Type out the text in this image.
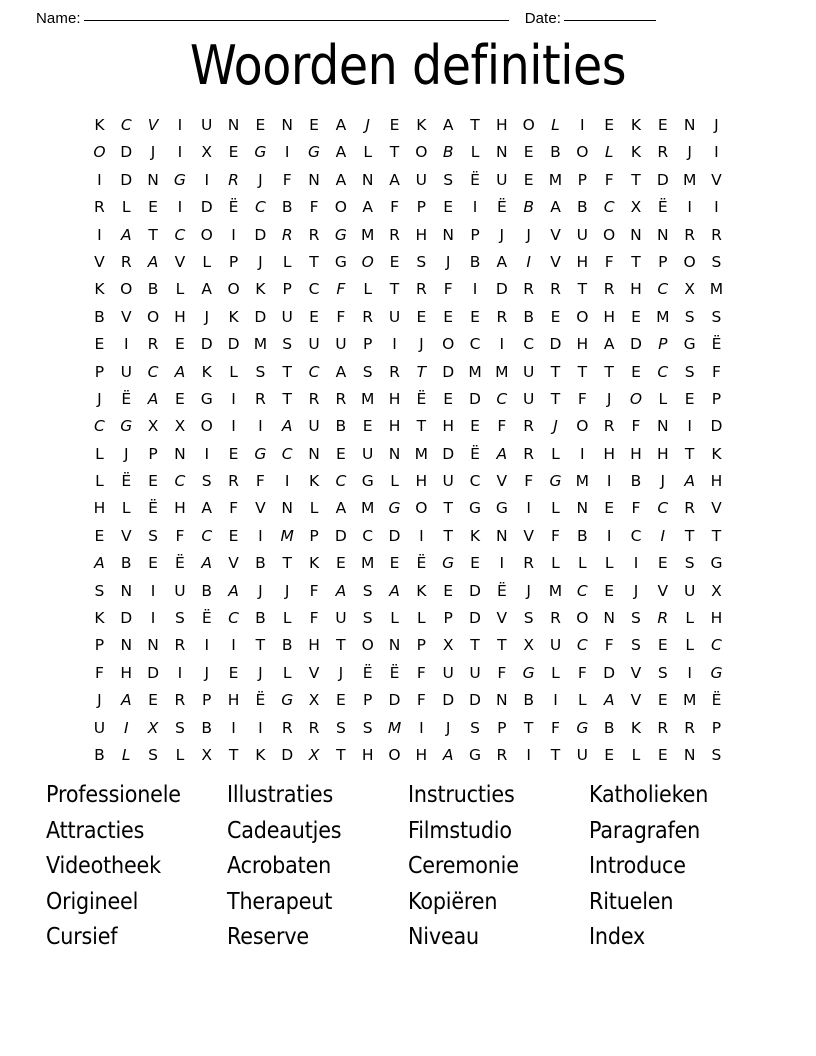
Name:	Date:
Woorden definities
K	C	V	I	U N	E	N	E	A	J	E	K	A	T	H O	L	I	E	K	E	N	J
O D	J	I	X	E	G	I	G	A	L	T	O B	L	N	E	B O	L	K	R	J	I
I	D N G	I	R	J	F	N	A	N	A	U	S	Ë	U	E M P	F	T	D M V
R	L	E	I	D	Ë	C	B	F	O A	F	P	E	I	Ë	B	A	B	C	X	Ë	I	I
I	A	T	C O	I	D R	R G M R	H N	P	J	J	V	U O N N	R	R
V	R	A	V	L	P	J	L	T	G O	E	S	J	B	A	I	V	H	F	T	P	O	S
K	O B	L	A O	K	P	C	F	L	T	R	F	I	D R	R	T	R	H	C	X M
B	V O H	J	K	D U	E	F	R	U	E	E	E	R	B	E	O H	E M S	S
E	I	R	E	D D M S	U U	P	I	J	O C	I	C D H	A	D	P	G	Ë
P	U	C	A	K	L	S	T	C	A	S	R	T	D M M U	T	T	T	E	C	S	F
J	Ë	A	E	G	I	R	T	R	R M H	Ë	E	D C	U	T	F	J	O	L	E	P
C G	X	X O	I	I	A	U	B	E	H	T	H	E	F	R	J	O R	F	N	I	D
L	J	P	N	I	E	G C	N	E	U N M D	Ë	A	R	L	I	H H H	T	K
L	Ë	E	C	S	R	F	I	K	C G	L	H U	C	V	F	G M	I	B	J	A	H
H	L	Ë	H	A	F	V	N	L	A M G O	T	G G	I	L	N	E	F	C	R	V
E	V	S	F	C	E	I	M P	D C D	I	T	K	N	V	F	B	I	C	I	T	T
A	B	E	Ë	A	V	B	T	K	E M E	Ë	G	E	I	R	L	L	L	I	E	S	G
S	N	I	U	B	A	J	J	F	A	S	A	K	E	D	Ë	J	M C	E	J	V	U	X
K	D	I	S	Ë	C	B	L	F	U	S	L	L	P	D	V	S	R O N	S	R	L	H
P	N N	R	I	I	T	B	H	T	O N	P	X	T	T	X	U	C	F	S	E	L	C
F	H D	I	J	E	J	L	V	J	Ë	Ë	F	U U	F	G	L	F	D	V	S	I	G
J	A	E	R	P	H	Ë	G	X	E	P	D	F	D D N	B	I	L	A	V	E M Ë
U	I	X	S	B	I	I	R	R	S	S M	I	J	S	P	T	F	G	B	K	R	R	P
B	L	S	L	X	T	K	D	X	T	H O H	A	G R	I	T	U	E	L	E	N	S
Professionele	Illustraties	Instructies	Katholieken
Attracties	Cadeautjes	Filmstudio	Paragrafen
Videotheek	Acrobaten	Ceremonie	Introduce
Origineel	Therapeut	Kopiëren	Rituelen
Cursief	Reserve	Niveau	Index
